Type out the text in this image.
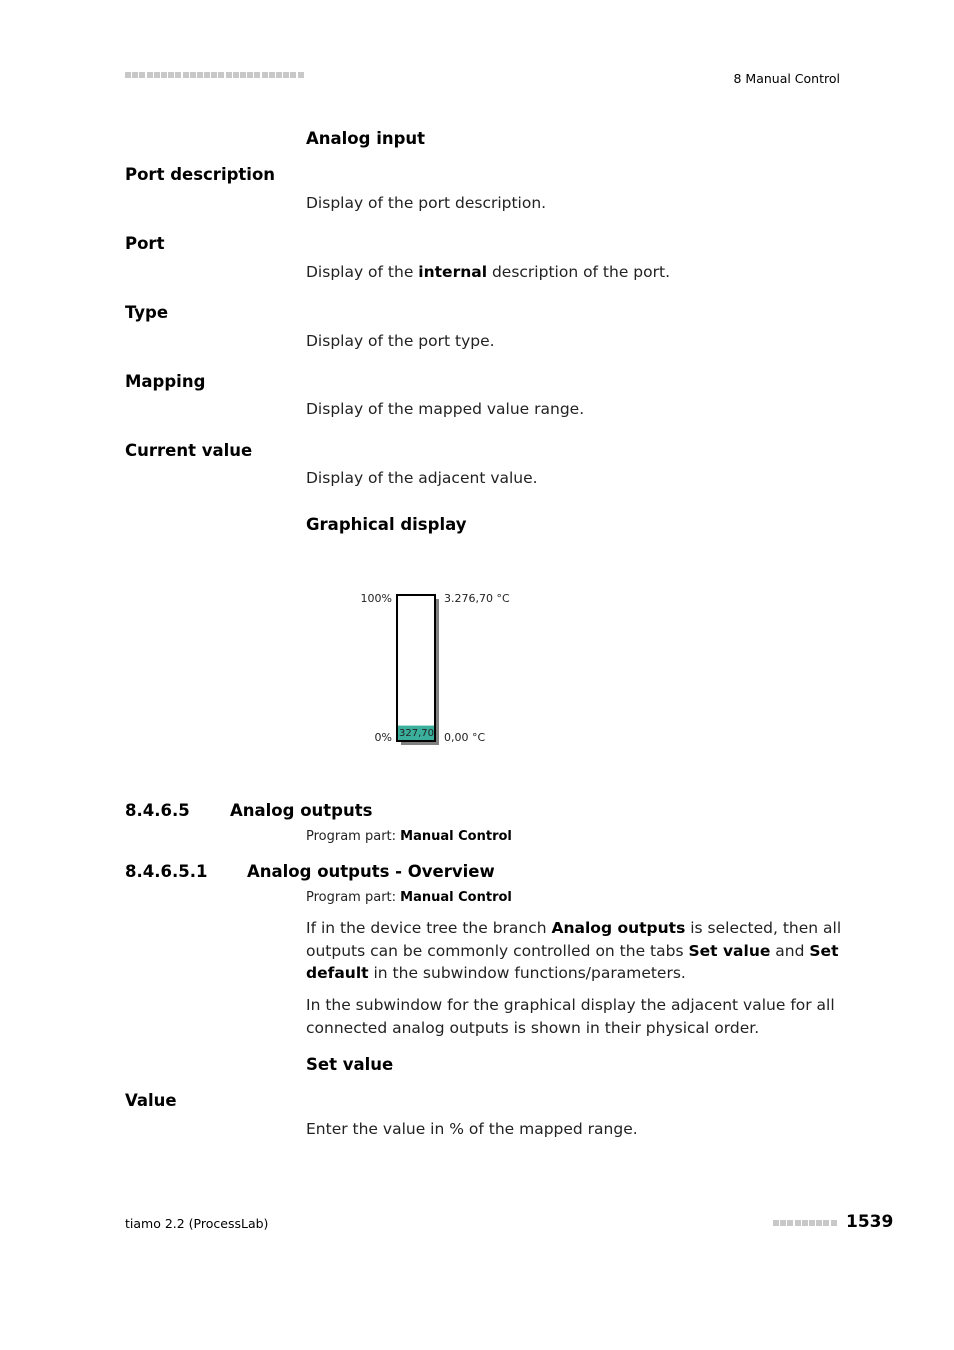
8 Manual Control
Analog input
Port description
Display of the port description.
Port
Display of the internal description of the port.
Type
Display of the port type.
Mapping
Display of the mapped value range.
Current value
Display of the adjacent value.
Graphical display
327,70
100%
0%
3.276,70 °C
0,00 °C
8.4.6.5 Analog outputs
Program part: Manual Control
8.4.6.5.1 Analog outputs - Overview
Program part: Manual Control
If in the device tree the branch Analog outputs is selected, then all outputs can be commonly controlled on the tabs Set value and Set default in the subwindow functions/parameters.
In the subwindow for the graphical display the adjacent value for all connected analog outputs is shown in their physical order.
Set value
Value
Enter the value in % of the mapped range.
tiamo 2.2 (ProcessLab)	1539
